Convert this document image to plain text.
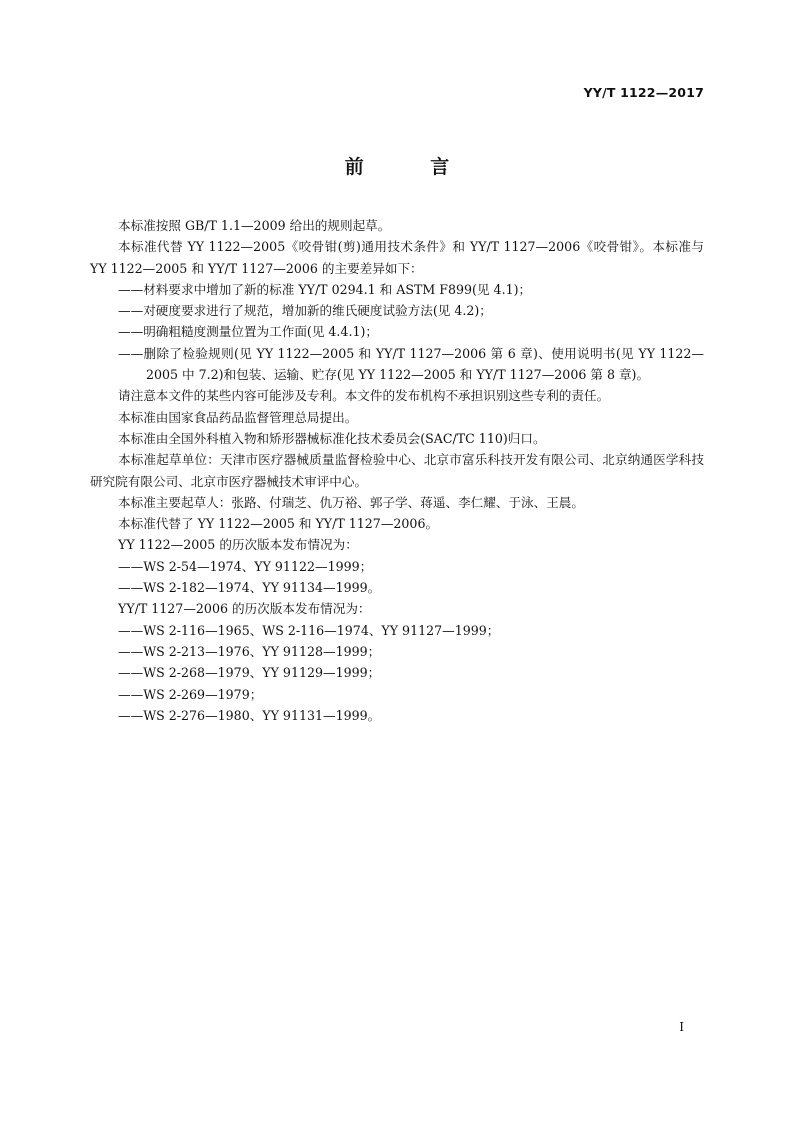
YY/T 1122—2017
前 言

本标准按照 GB/T 1.1—2009 给出的规则起草。

本标准代替 YY 1122—2005《咬骨钳(剪)通用技术条件》和 YY/T 1127—2006《咬骨钳》。本标准与 YY 1122—2005 和 YY/T 1127—2006 的主要差异如下：

——材料要求中增加了新的标准 YY/T 0294.1 和 ASTM F899(见 4.1)；

——对硬度要求进行了规范，增加新的维氏硬度试验方法(见 4.2)；

——明确粗糙度测量位置为工作面(见 4.4.1)；

——删除了检验规则(见 YY 1122—2005 和 YY/T 1127—2006 第 6 章)、使用说明书(见 YY 1122—2005 中 7.2)和包装、运输、贮存(见 YY 1122—2005 和 YY/T 1127—2006 第 8 章)。

请注意本文件的某些内容可能涉及专利。本文件的发布机构不承担识别这些专利的责任。

本标准由国家食品药品监督管理总局提出。

本标准由全国外科植入物和矫形器械标准化技术委员会(SAC/TC 110)归口。

本标准起草单位：天津市医疗器械质量监督检验中心、北京市富乐科技开发有限公司、北京纳通医学科技研究院有限公司、北京市医疗器械技术审评中心。

本标准主要起草人：张路、付瑞芝、仇万裕、郭子学、蒋遥、李仁耀、于泳、王晨。

本标准代替了 YY 1122—2005 和 YY/T 1127—2006。

YY 1122—2005 的历次版本发布情况为：

——WS 2-54—1974、YY 91122—1999；

——WS 2-182—1974、YY 91134—1999。

YY/T 1127—2006 的历次版本发布情况为：

——WS 2-116—1965、WS 2-116—1974、YY 91127—1999；

——WS 2-213—1976、YY 91128—1999；

——WS 2-268—1979、YY 91129—1999；

——WS 2-269—1979；

——WS 2-276—1980、YY 91131—1999。

I
